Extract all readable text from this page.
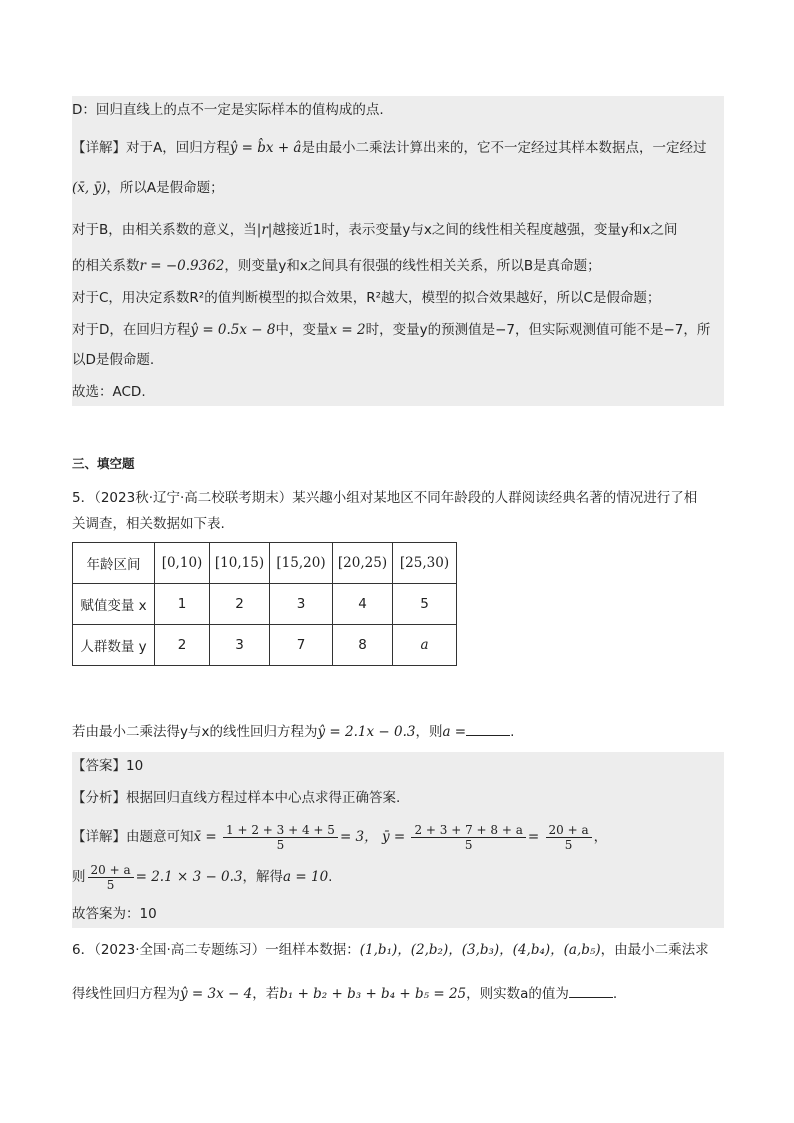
D：回归直线上的点不一定是实际样本的值构成的点.
【详解】对于A，回归方程ŷ = b̂x + â是由最小二乘法计算出来的，它不一定经过其样本数据点，一定经过
(x̄, ȳ)，所以A是假命题；
对于B，由相关系数的意义，当|r|越接近1时，表示变量y与x之间的线性相关程度越强，变量y和x之间
的相关系数r = −0.9362，则变量y和x之间具有很强的线性相关关系，所以B是真命题；
对于C，用决定系数R²的值判断模型的拟合效果，R²越大，模型的拟合效果越好，所以C是假命题；
对于D，在回归方程ŷ = 0.5x − 8中，变量x = 2时，变量y的预测值是−7，但实际观测值可能不是−7，所
以D是假命题.
故选：ACD.
三、填空题
5．（2023秋·辽宁·高二校联考期末）某兴趣小组对某地区不同年龄段的人群阅读经典名著的情况进行了相
关调查，相关数据如下表.
年龄区间	[0,10)	[10,15)	[15,20)	[20,25)	[25,30)
赋值变量 x	1	2	3	4	5
人群数量 y	2	3	7	8	a
若由最小二乘法得y与x的线性回归方程为ŷ = 2.1x − 0.3，则a =	.
【答案】10
【分析】根据回归直线方程过样本中心点求得正确答案.
【详解】由题意可知x̄ = $\frac{1 + 2 + 3 + 4 + 5}{5} = 3$， ȳ = $\frac{2 + 3 + 7 + 8 + a}{5} = \frac{20 + a}{5}$ ，
则 $\frac{20 + a}{5} = 2.1 \times 3 - 0.3$，解得a = 10.
故答案为：10
6．（2023·全国·高二专题练习）一组样本数据：(1,b₁)，(2,b₂)，(3,b₃)，(4,b₄)，(a,b₅)，由最小二乘法求
得线性回归方程为ŷ = 3x − 4，若b₁ + b₂ + b₃ + b₄ + b₅ = 25，则实数a的值为	.
